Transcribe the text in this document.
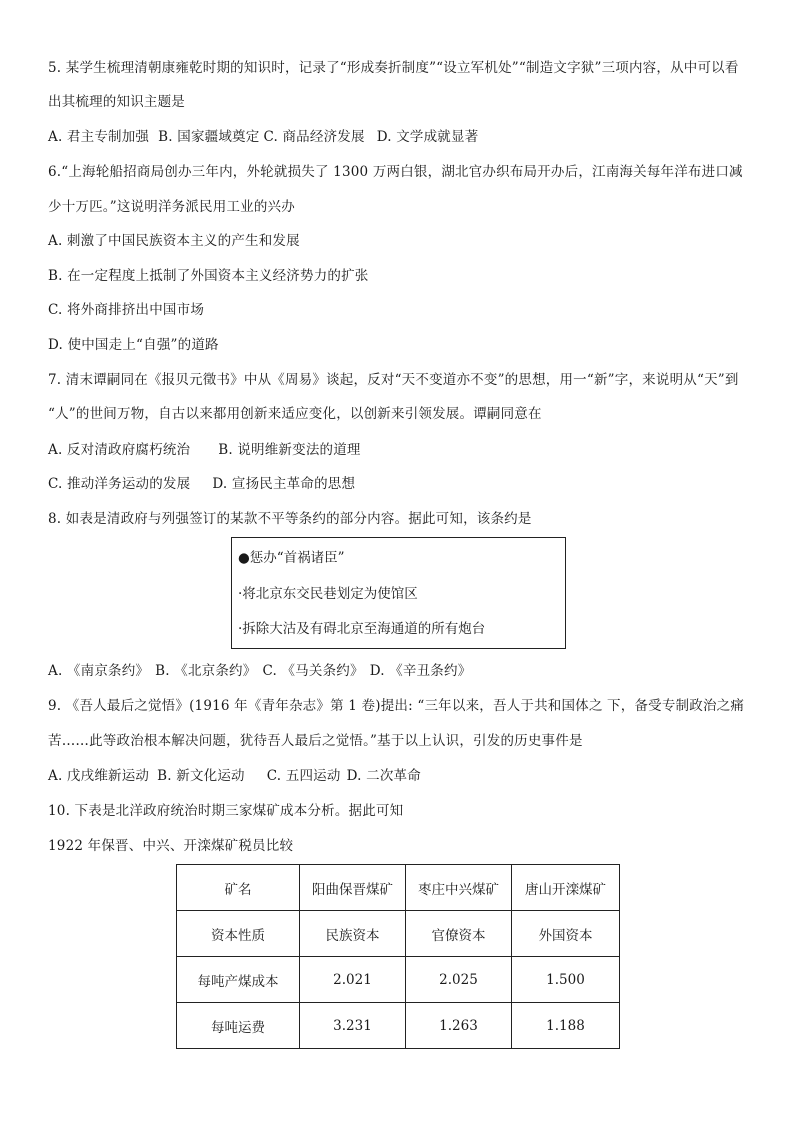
5. 某学生梳理清朝康雍乾时期的知识时，记录了“形成奏折制度”“设立军机处”“制造文字狱”三项内容，从中可以看
出其梳理的知识主题是
A. 君主专制加强 B. 国家疆域奠定 C. 商品经济发展 D. 文学成就显著
6.“上海轮船招商局创办三年内，外轮就损失了 1300 万两白银，湖北官办织布局开办后，江南海关每年洋布进口减
少十万匹。”这说明洋务派民用工业的兴办
A. 刺激了中国民族资本主义的产生和发展
B. 在一定程度上抵制了外国资本主义经济势力的扩张
C. 将外商排挤出中国市场
D. 使中国走上“自强”的道路
7. 清末谭嗣同在《报贝元徵书》中从《周易》谈起，反对“天不变道亦不变”的思想，用一“新”字，来说明从“天”到
“人”的世间万物，自古以来都用创新来适应变化，以创新来引领发展。谭嗣同意在
A. 反对清政府腐朽统治 B. 说明维新变法的道理
C. 推动洋务运动的发展 D. 宣扬民主革命的思想
8. 如表是清政府与列强签订的某款不平等条约的部分内容。据此可知，该条约是
●惩办“首祸诸臣”
·将北京东交民巷划定为使馆区
·拆除大沽及有碍北京至海通道的所有炮台
A. 《南京条约》 B. 《北京条约》 C. 《马关条约》 D. 《辛丑条约》
9. 《吾人最后之觉悟》(1916 年《青年杂志》第 1 卷)提出: “三年以来，吾人于共和国体之 下，备受专制政治之痛
苦……此等政治根本解决问题，犹待吾人最后之觉悟。”基于以上认识，引发的历史事件是
A. 戊戌维新运动 B. 新文化运动 C. 五四运动 D. 二次革命
10. 下表是北洋政府统治时期三家煤矿成本分析。据此可知
1922 年保晋、中兴、开滦煤矿税员比较
矿名	阳曲保晋煤矿	枣庄中兴煤矿	唐山开滦煤矿
资本性质	民族资本	官僚资本	外国资本
每吨产煤成本	2.021	2.025	1.500
每吨运费	3.231	1.263	1.188
